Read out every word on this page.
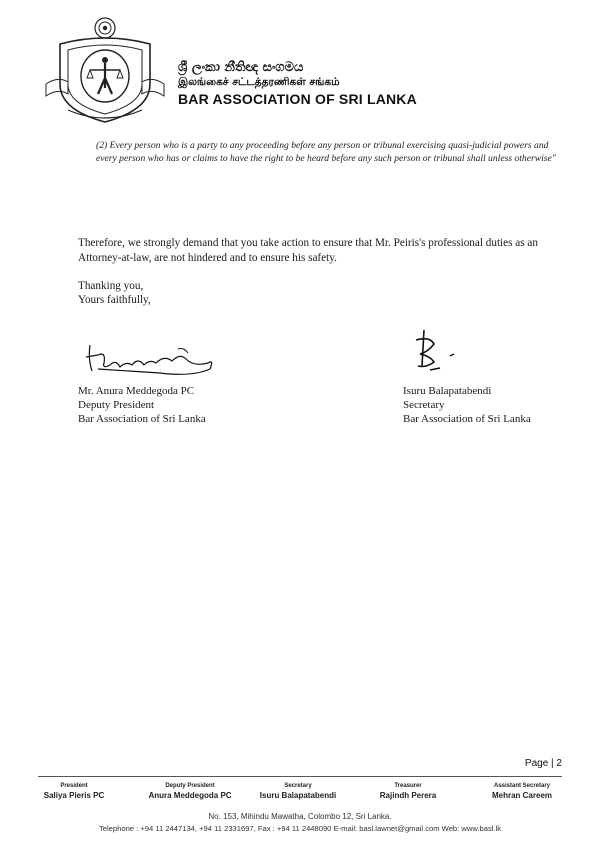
ශ්‍රී ලංකා නීතිඥ සංගමය
இலங்கைச் சட்டத்தரணிகள் சங்கம்
BAR ASSOCIATION OF SRI LANKA
(2) Every person who is a party to any proceeding before any person or tribunal exercising quasi-judicial powers and every person who has or claims to have the right to be heard before any such person or tribunal shall unless otherwise"
Therefore, we strongly demand that you take action to ensure that Mr. Peiris's professional duties as an Attorney-at-law, are not hindered and to ensure his safety.
Thanking you,
Yours faithfully,
Mr. Anura Meddegoda PC
Deputy President
Bar Association of Sri Lanka
Isuru Balapatabendi
Secretary
Bar Association of Sri Lanka
Page | 2
President
Saliya Pieris PC
Deputy President
Anura Meddegoda PC
Secretary
Isuru Balapatabendi
Treasurer
Rajindh Perera
Assistant Secretary
Mehran Careem
No. 153, Mihindu Mawatha, Colombo 12, Sri Lanka.
Telephone : +94 11 2447134, +94 11 2331697, Fax : +94 11 2448090 E-mail: basl.lawnet@gmail.com Web: www.basl.lk
